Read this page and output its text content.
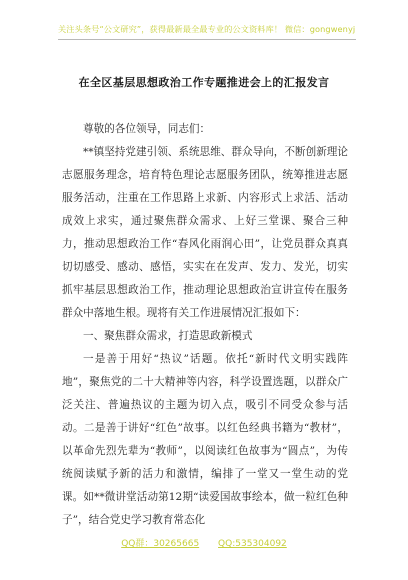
关注头条号“公文研究”，获得最新最全最专业的公文资料库！ 微信：gongwenyj
在全区基层思想政治工作专题推进会上的汇报发言

尊敬的各位领导，同志们：

**镇坚持党建引领、系统思维、群众导向，不断创新理论志愿服务理念，培育特色理论志愿服务团队，统筹推进志愿服务活动，注重在工作思路上求新、内容形式上求活、活动成效上求实，通过聚焦群众需求、上好三堂课、聚合三种力，推动思想政治工作“春风化雨润心田”，让党员群众真真切切感受、感动、感悟，实实在在发声、发力、发光，切实抓牢基层思想政治工作，推动理论思想政治宣讲宣传在服务群众中落地生根。现将有关工作进展情况汇报如下：

一、聚焦群众需求，打造思政新模式

一是善于用好“热议”话题。依托“新时代文明实践阵地”，聚焦党的二十大精神等内容，科学设置选题，以群众广泛关注、普遍热议的主题为切入点，吸引不同受众参与活动。二是善于讲好“红色”故事。以红色经典书籍为“教材”，以革命先烈先辈为“教师”，以阅读红色故事为“圆点”，为传统阅读赋予新的活力和激情，编排了一堂又一堂生动的党课。如**微讲堂活动第12期“读爱国故事绘本，做一粒红色种子”，结合党史学习教育常态化

QQ群：30265665 QQ:535304092
